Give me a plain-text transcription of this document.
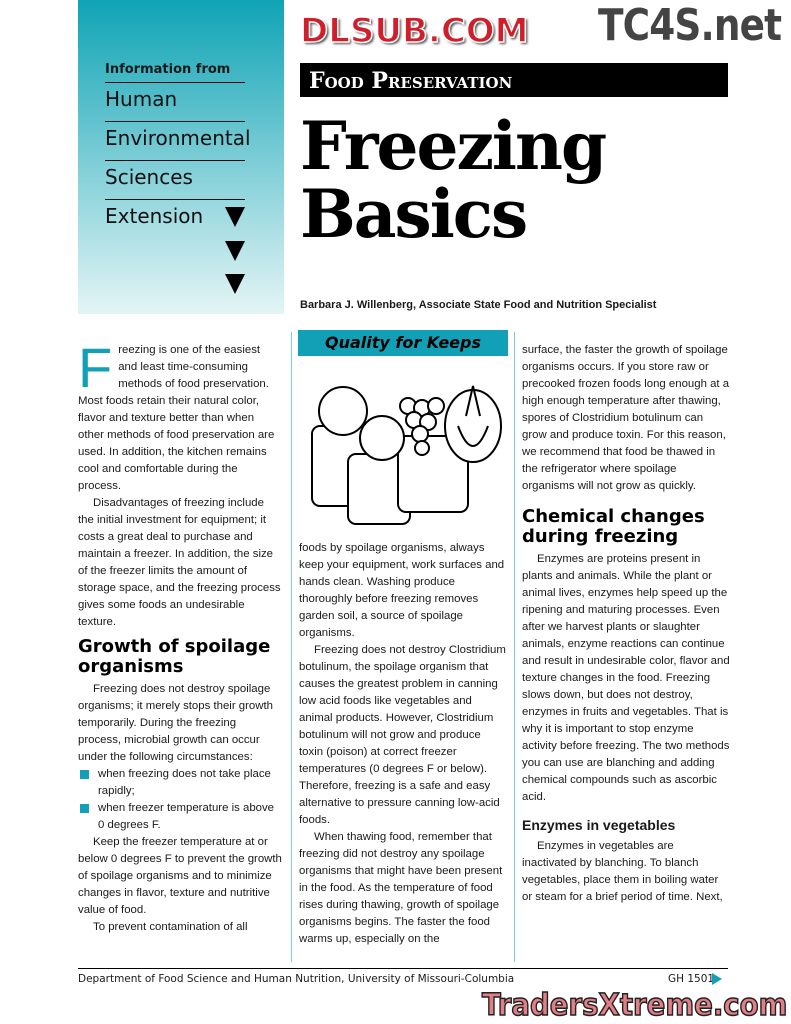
Information from
Human
Environmental
Sciences
Extension
TC4S.net
DLSUB.COM
Food Preservation
Freezing
Basics
Barbara J. Willenberg, Associate State Food and Nutrition Specialist

Freezing is one of the easiest and least time-consuming methods of food preservation. Most foods retain their natural color, flavor and texture better than when other methods of food preservation are used. In addition, the kitchen remains cool and comfortable during the process.

Disadvantages of freezing include the initial investment for equipment; it costs a great deal to purchase and maintain a freezer. In addition, the size of the freezer limits the amount of storage space, and the freezing process gives some foods an undesirable texture.

Growth of spoilage organisms

Freezing does not destroy spoilage organisms; it merely stops their growth temporarily. During the freezing process, microbial growth can occur under the following circumstances:

when freezing does not take place rapidly;

when freezer temperature is above 0 degrees F.

Keep the freezer temperature at or below 0 degrees F to prevent the growth of spoilage organisms and to minimize changes in flavor, texture and nutritive value of food.

To prevent contamination of all

Quality for Keeps

foods by spoilage organisms, always keep your equipment, work surfaces and hands clean. Washing produce thoroughly before freezing removes garden soil, a source of spoilage organisms.

Freezing does not destroy Clostridium botulinum, the spoilage organism that causes the greatest problem in canning low acid foods like vegetables and animal products. However, Clostridium botulinum will not grow and produce toxin (poison) at correct freezer temperatures (0 degrees F or below). Therefore, freezing is a safe and easy alternative to pressure canning low-acid foods.

When thawing food, remember that freezing did not destroy any spoilage organisms that might have been present in the food. As the temperature of food rises during thawing, growth of spoilage organisms begins. The faster the food warms up, especially on the

surface, the faster the growth of spoilage organisms occurs. If you store raw or precooked frozen foods long enough at a high enough temperature after thawing, spores of Clostridium botulinum can grow and produce toxin. For this reason, we recommend that food be thawed in the refrigerator where spoilage organisms will not grow as quickly.

Chemical changes during freezing

Enzymes are proteins present in plants and animals. While the plant or animal lives, enzymes help speed up the ripening and maturing processes. Even after we harvest plants or slaughter animals, enzyme reactions can continue and result in undesirable color, flavor and texture changes in the food. Freezing slows down, but does not destroy, enzymes in fruits and vegetables. That is why it is important to stop enzyme activity before freezing. The two methods you can use are blanching and adding chemical compounds such as ascorbic acid.

Enzymes in vegetables

Enzymes in vegetables are inactivated by blanching. To blanch vegetables, place them in boiling water or steam for a brief period of time. Next,

Department of Food Science and Human Nutrition, University of Missouri-Columbia	GH 1501
TradersXtreme.com
